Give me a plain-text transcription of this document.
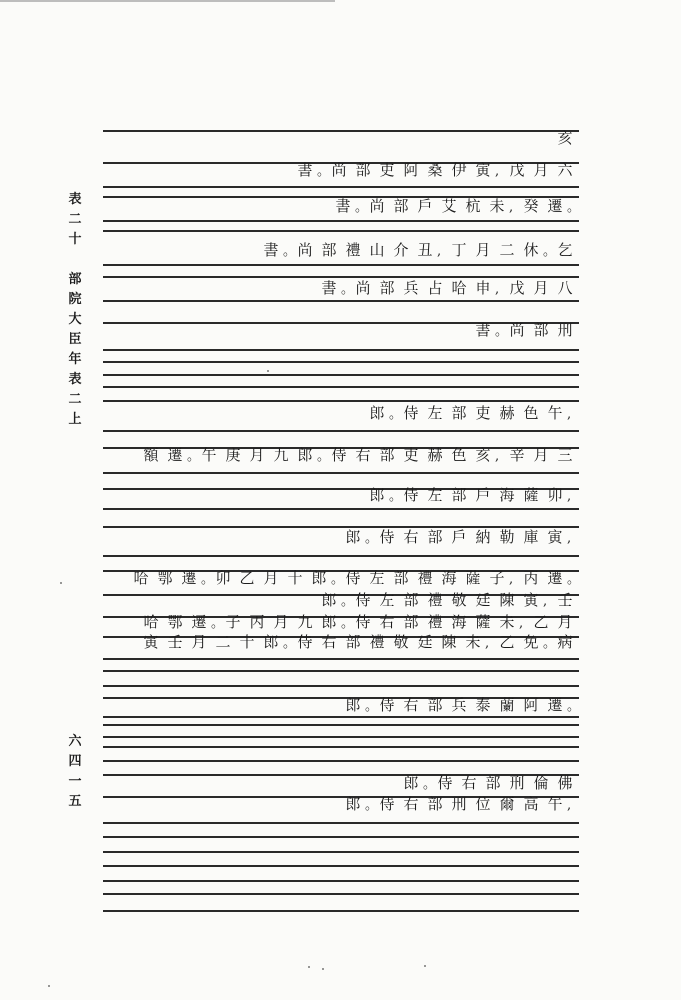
表
二
十
部
院
大
臣
年
表
二
上
六
四
一
五
亥
書 。尚 部 吏 阿 桑 伊 寅 , 戊 月 六
書 。尚 部 戶 艾 杭 未 , 癸 遷 。
書 。尚 部 禮 山 介 丑 , 丁 月 二 休 。乞
書 。尚 部 兵 占 哈 申 , 戊 月 八
書 。尚 部 刑
郎 。侍 左 部 吏 赫 色 午 ,
額 遷 。午 庚 月 九 郎 。侍 右 部 吏 赫 色 亥 , 辛 月 三
郎 。侍 左 部 戶 海 薩 卯 ,
郎 。侍 右 部 戶 納 勒 庫 寅 ,
哈 鄂 遷 。卯 乙 月 十 郎 。侍 左 部 禮 海 薩 子 , 丙 遷 。
郎 。侍 左 部 禮 敬 廷 陳 寅 , 壬
哈 鄂 遷 。子 丙 月 九 郎 。侍 右 部 禮 海 薩 未 , 乙 月
寅 壬 月 二 十 郎 。侍 右 部 禮 敬 廷 陳 未 , 乙 免 。病
郎 。侍 右 部 兵 泰 蘭 阿 遷 。
郎 。侍 右 部 刑 倫 佛
郎 。侍 右 部 刑 位 爾 高 午 ,
